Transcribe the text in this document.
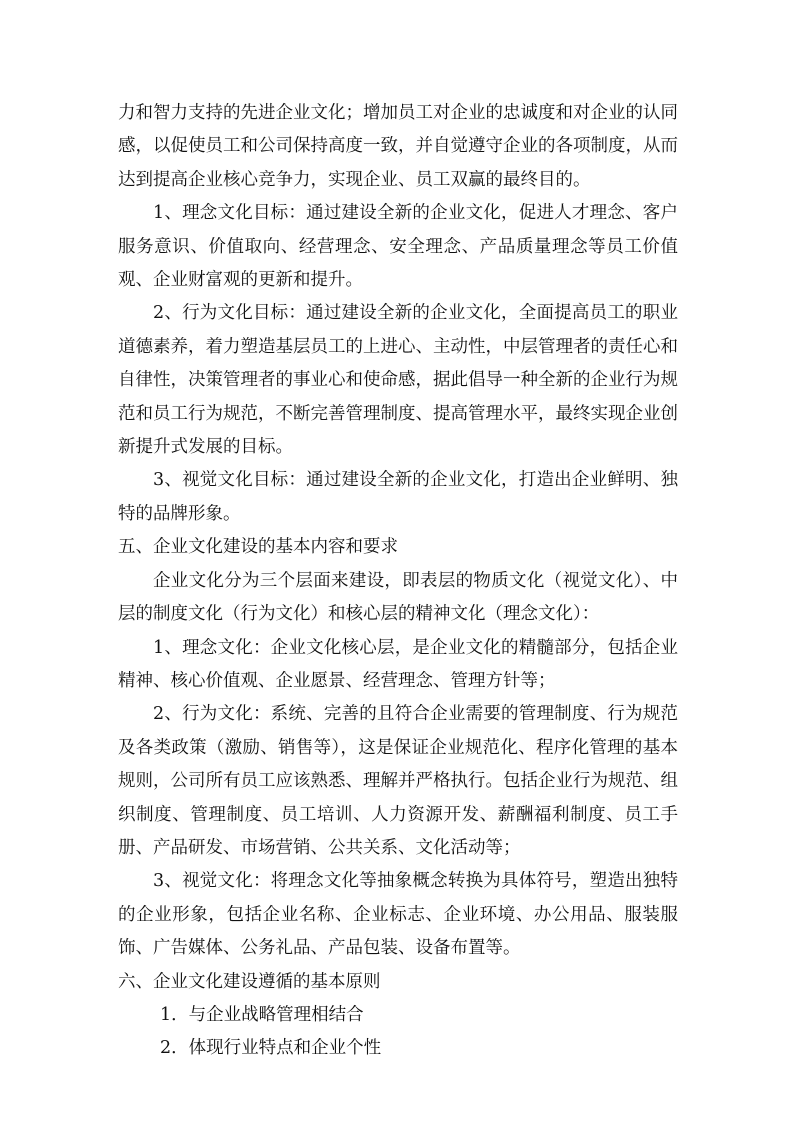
力和智力支持的先进企业文化；增加员工对企业的忠诚度和对企业的认同感，以促使员工和公司保持高度一致，并自觉遵守企业的各项制度，从而达到提高企业核心竞争力，实现企业、员工双赢的最终目的。

1、理念文化目标：通过建设全新的企业文化，促进人才理念、客户服务意识、价值取向、经营理念、安全理念、产品质量理念等员工价值观、企业财富观的更新和提升。

2、行为文化目标：通过建设全新的企业文化，全面提高员工的职业道德素养，着力塑造基层员工的上进心、主动性，中层管理者的责任心和自律性，决策管理者的事业心和使命感，据此倡导一种全新的企业行为规范和员工行为规范，不断完善管理制度、提高管理水平，最终实现企业创新提升式发展的目标。

3、视觉文化目标：通过建设全新的企业文化，打造出企业鲜明、独特的品牌形象。

五、企业文化建设的基本内容和要求

企业文化分为三个层面来建设，即表层的物质文化（视觉文化）、中层的制度文化（行为文化）和核心层的精神文化（理念文化）：

1、理念文化：企业文化核心层，是企业文化的精髓部分，包括企业精神、核心价值观、企业愿景、经营理念、管理方针等；

2、行为文化：系统、完善的且符合企业需要的管理制度、行为规范及各类政策（激励、销售等），这是保证企业规范化、程序化管理的基本规则，公司所有员工应该熟悉、理解并严格执行。包括企业行为规范、组织制度、管理制度、员工培训、人力资源开发、薪酬福利制度、员工手册、产品研发、市场营销、公共关系、文化活动等；

3、视觉文化：将理念文化等抽象概念转换为具体符号，塑造出独特的企业形象，包括企业名称、企业标志、企业环境、办公用品、服装服饰、广告媒体、公务礼品、产品包装、设备布置等。

六、企业文化建设遵循的基本原则

1．与企业战略管理相结合

2．体现行业特点和企业个性
